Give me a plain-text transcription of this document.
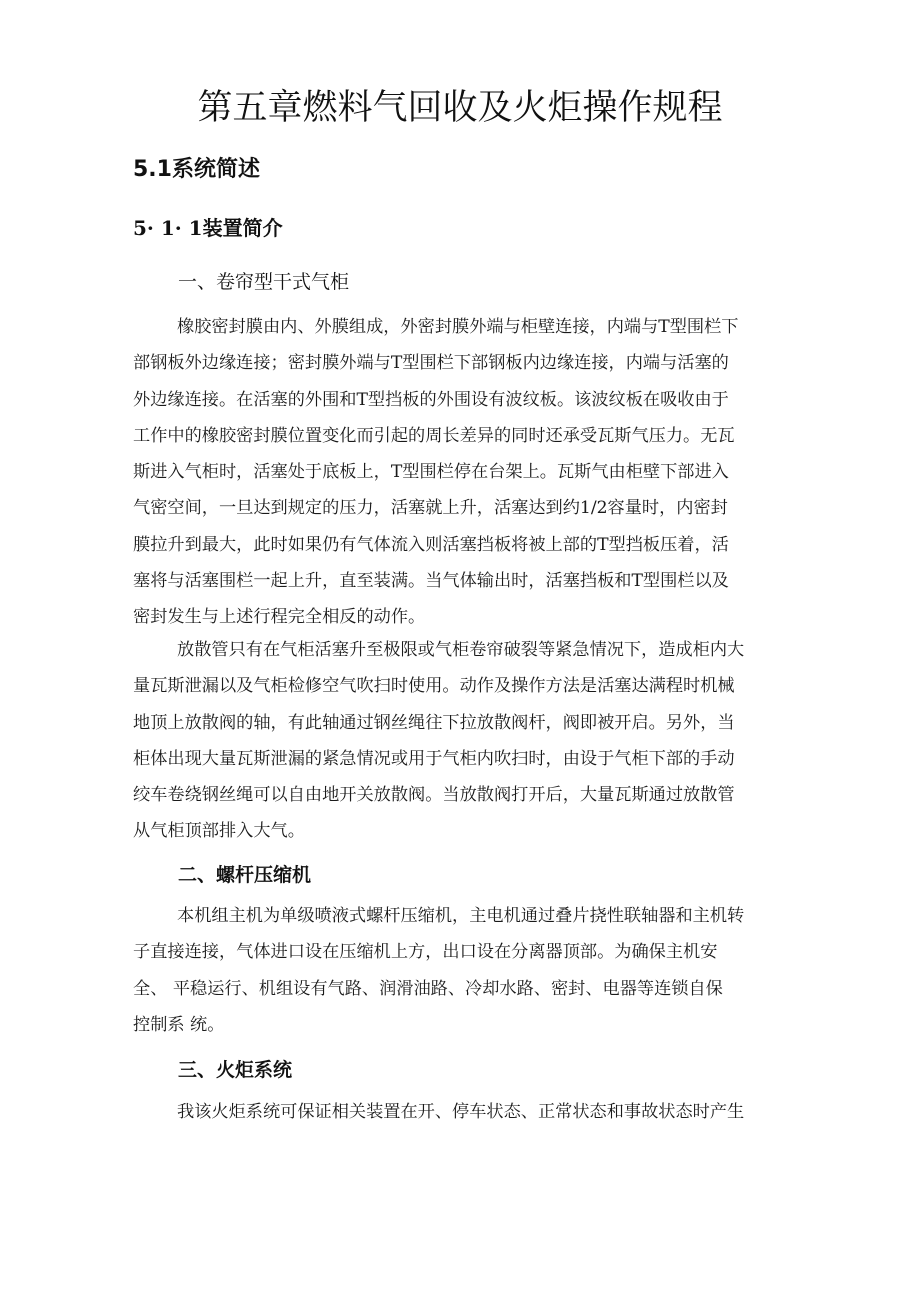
第五章燃料气回收及火炬操作规程
5.1系统简述
5· 1· 1装置简介
一、卷帘型干式气柜
橡胶密封膜由内、外膜组成，外密封膜外端与柜壁连接，内端与T型围栏下
部钢板外边缘连接；密封膜外端与T型围栏下部钢板内边缘连接，内端与活塞的
外边缘连接。在活塞的外围和T型挡板的外围设有波纹板。该波纹板在吸收由于
工作中的橡胶密封膜位置变化而引起的周长差异的同时还承受瓦斯气压力。无瓦
斯进入气柜时，活塞处于底板上，T型围栏停在台架上。瓦斯气由柜壁下部进入
气密空间，一旦达到规定的压力，活塞就上升，活塞达到约1/2容量时，内密封
膜拉升到最大，此时如果仍有气体流入则活塞挡板将被上部的T型挡板压着，活
塞将与活塞围栏一起上升，直至装满。当气体输出时，活塞挡板和T型围栏以及
密封发生与上述行程完全相反的动作。
放散管只有在气柜活塞升至极限或气柜卷帘破裂等紧急情况下，造成柜内大
量瓦斯泄漏以及气柜检修空气吹扫时使用。动作及操作方法是活塞达满程时机械
地顶上放散阀的轴，有此轴通过钢丝绳往下拉放散阀杆，阀即被开启。另外，当
柜体出现大量瓦斯泄漏的紧急情况或用于气柜内吹扫时，由设于气柜下部的手动
绞车卷绕钢丝绳可以自由地开关放散阀。当放散阀打开后，大量瓦斯通过放散管
从气柜顶部排入大气。
二、螺杆压缩机
本机组主机为单级喷液式螺杆压缩机，主电机通过叠片挠性联轴器和主机转
子直接连接，气体进口设在压缩机上方，出口设在分离器顶部。为确保主机安
全、 平稳运行、机组设有气路、润滑油路、冷却水路、密封、电器等连锁自保
控制系 统。
三、火炬系统
我该火炬系统可保证相关装置在开、停车状态、正常状态和事故状态时产生
